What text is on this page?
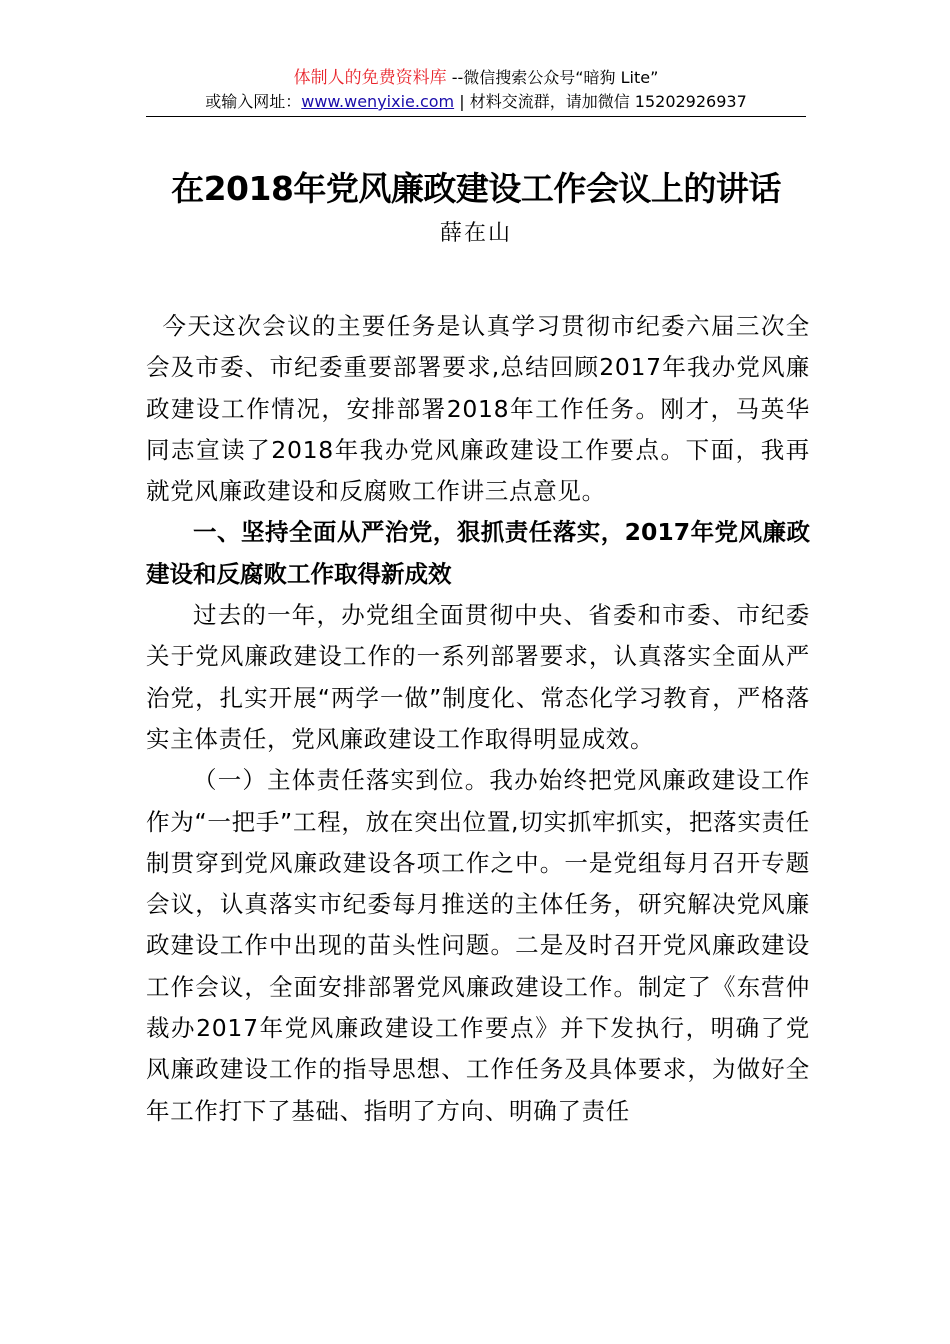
体制人的免费资料库 --微信搜索公众号“暗狗 Lite”
或输入网址：www.wenyixie.com | 材料交流群，请加微信 15202926937
在2018年党风廉政建设工作会议上的讲话
薛在山

今天这次会议的主要任务是认真学习贯彻市纪委六届三次全会及市委、市纪委重要部署要求,总结回顾2017年我办党风廉政建设工作情况，安排部署2018年工作任务。刚才，马英华同志宣读了2018年我办党风廉政建设工作要点。下面，我再就党风廉政建设和反腐败工作讲三点意见。

一、坚持全面从严治党，狠抓责任落实，2017年党风廉政建设和反腐败工作取得新成效

过去的一年，办党组全面贯彻中央、省委和市委、市纪委关于党风廉政建设工作的一系列部署要求，认真落实全面从严治党，扎实开展“两学一做”制度化、常态化学习教育，严格落实主体责任，党风廉政建设工作取得明显成效。

（一）主体责任落实到位。我办始终把党风廉政建设工作作为“一把手”工程，放在突出位置,切实抓牢抓实，把落实责任制贯穿到党风廉政建设各项工作之中。一是党组每月召开专题会议，认真落实市纪委每月推送的主体任务，研究解决党风廉政建设工作中出现的苗头性问题。二是及时召开党风廉政建设工作会议，全面安排部署党风廉政建设工作。制定了《东营仲裁办2017年党风廉政建设工作要点》并下发执行，明确了党风廉政建设工作的指导思想、工作任务及具体要求，为做好全年工作打下了基础、指明了方向、明确了责任
